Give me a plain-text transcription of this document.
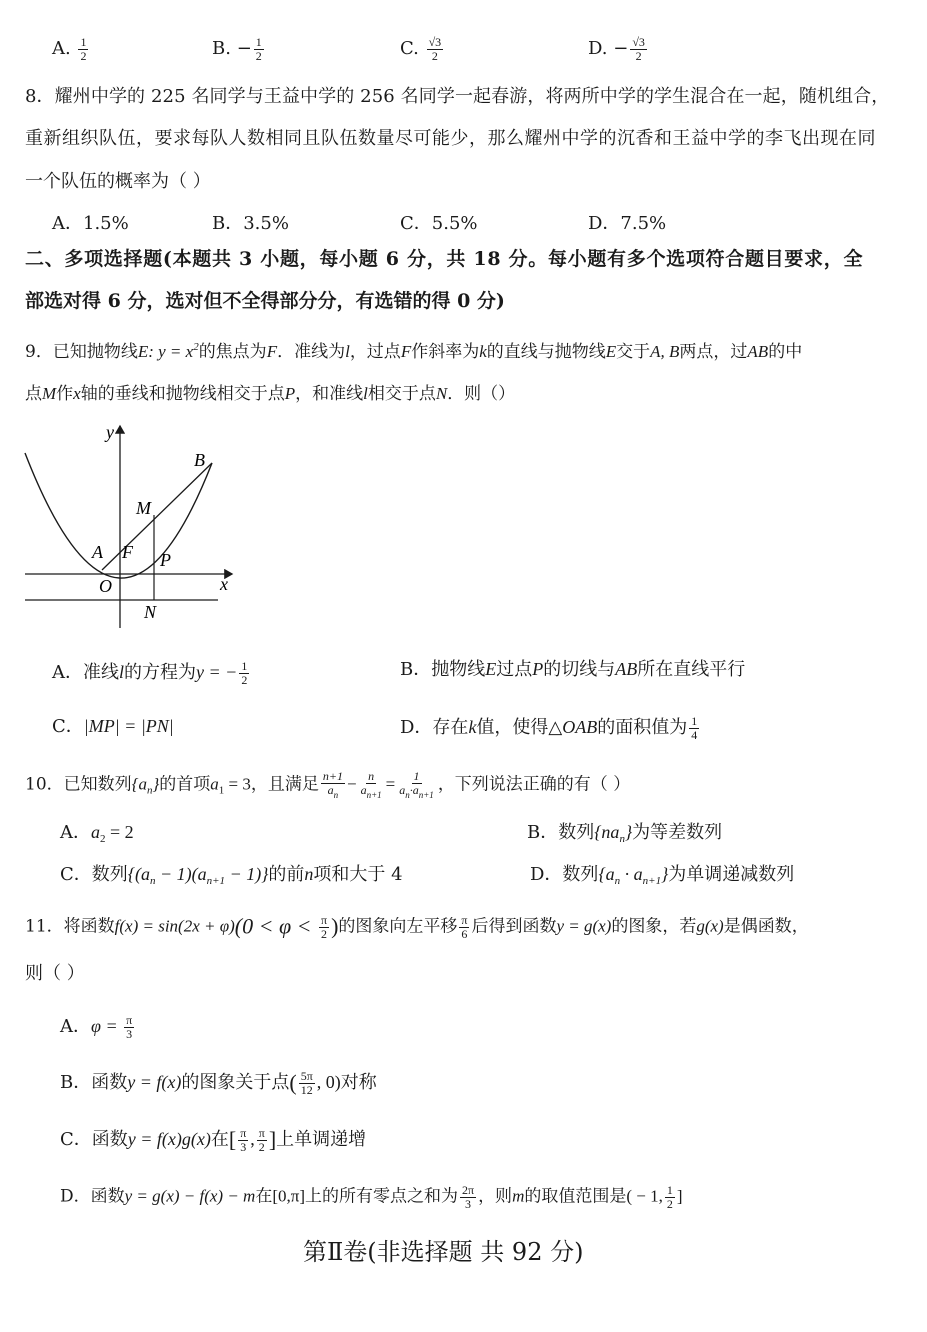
A. $\frac{1}{2}$	B. − $\frac{1}{2}$	C. $\frac{√3}{2}$	D. − $\frac{√3}{2}$
8．耀州中学的 225 名同学与王益中学的 256 名同学一起春游，将两所中学的学生混合在一起，随机组合，
重新组织队伍，要求每队人数相同且队伍数量尽可能少，那么耀州中学的沉香和王益中学的李飞出现在同
一个队伍的概率为（ ）
A．1.5%	B．3.5%	C．5.5%	D．7.5%
二、多项选择题(本题共 3 小题，每小题 6 分，共 18 分。每小题有多个选项符合题目要求，全
部选对得 6 分，选对但不全得部分分，有选错的得 0 分)
9．已知抛物线E: $y = x^2$的焦点为F．准线为l，过点F作斜率为k的直线与抛物线E交于A, B两点，过AB的中
点M作x轴的垂线和抛物线相交于点P，和准线l相交于点N．则（）
y
x
B
M
A F P
O
N
A．准线l的方程为y = − $\frac{1}{2}$	B．抛物线E过点P的切线与AB所在直线平行
C．|MP| = |PN|	D．存在k值，使得△OAB的面积值为 $\frac{1}{4}$
10．已知数列$\{a_n\}$的首项$a_1 = 3$，且满足 $\frac{n+1}{a_n} - \frac{n}{a_{n+1}} = \frac{1}{a_n\cdot a_{n+1}}$ ，下列说法正确的有（ ）
A．$a_2 = 2$	B．数列$\{na_n\}$为等差数列
C．数列$\{(a_n - 1)(a_{n+1} - 1)\}$的前n项和大于 4	D．数列$\{a_n \cdot a_{n+1}\}$为单调递减数列
11．将函数$f(x) = \sin(2x + \varphi)(0 < \varphi < \frac{\pi}{2}$ )的图象向左平移 $\frac{\pi}{6}$ 后得到函数y = g(x)的图象，若g(x)是偶函数，
则（ ）
A．$\varphi = \frac{\pi}{3}$
B．函数y = f(x)的图象关于点( $\frac{5\pi}{12}$ , 0)对称
C．函数y = f(x)g(x)在[ $\frac{\pi}{3}$ , $\frac{\pi}{2}$ ]上单调递增
D．函数y = g(x) − f(x) − m在[0,π]上的所有零点之和为 $\frac{2\pi}{3}$ ，则m的取值范围是( − 1, $\frac{1}{2}$ ]
第Ⅱ卷(非选择题 共 92 分)
